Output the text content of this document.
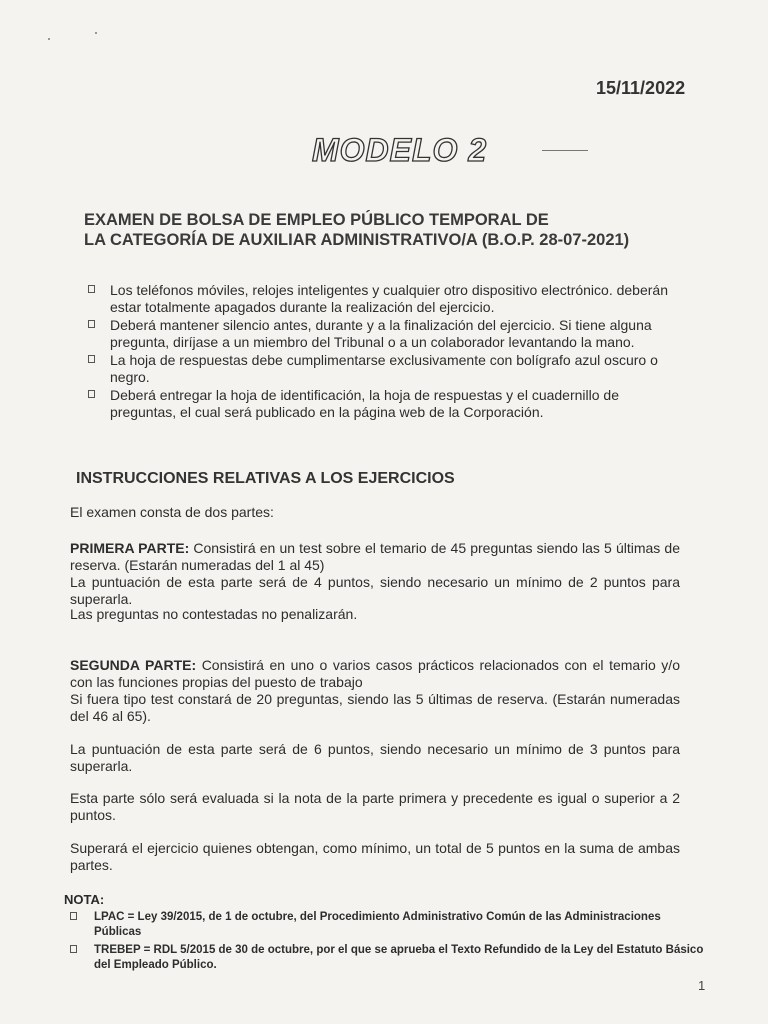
15/11/2022
MODELO 2
EXAMEN DE BOLSA DE EMPLEO PÚBLICO TEMPORAL DE
LA CATEGORÍA DE AUXILIAR ADMINISTRATIVO/A (B.O.P. 28-07-2021)
Los teléfonos móviles, relojes inteligentes y cualquier otro dispositivo electrónico. deberán estar totalmente apagados durante la realización del ejercicio.
Deberá mantener silencio antes, durante y a la finalización del ejercicio. Si tiene alguna pregunta, diríjase a un miembro del Tribunal o a un colaborador levantando la mano.
La hoja de respuestas debe cumplimentarse exclusivamente con bolígrafo azul oscuro o negro.
Deberá entregar la hoja de identificación, la hoja de respuestas y el cuadernillo de preguntas, el cual será publicado en la página web de la Corporación.
INSTRUCCIONES RELATIVAS A LOS EJERCICIOS
El examen consta de dos partes:
PRIMERA PARTE: Consistirá en un test sobre el temario de 45 preguntas siendo las 5 últimas de reserva. (Estarán numeradas del 1 al 45)
La puntuación de esta parte será de 4 puntos, siendo necesario un mínimo de 2 puntos para superarla.
Las preguntas no contestadas no penalizarán.
SEGUNDA PARTE: Consistirá en uno o varios casos prácticos relacionados con el temario y/o con las funciones propias del puesto de trabajo
Si fuera tipo test constará de 20 preguntas, siendo las 5 últimas de reserva. (Estarán numeradas del 46 al 65).
La puntuación de esta parte será de 6 puntos, siendo necesario un mínimo de 3 puntos para superarla.
Esta parte sólo será evaluada si la nota de la parte primera y precedente es igual o superior a 2 puntos.
Superará el ejercicio quienes obtengan, como mínimo, un total de 5 puntos en la suma de ambas partes.
NOTA:
LPAC = Ley 39/2015, de 1 de octubre, del Procedimiento Administrativo Común de las Administraciones Públicas
TREBEP = RDL 5/2015 de 30 de octubre, por el que se aprueba el Texto Refundido de la Ley del Estatuto Básico del Empleado Público.
1
